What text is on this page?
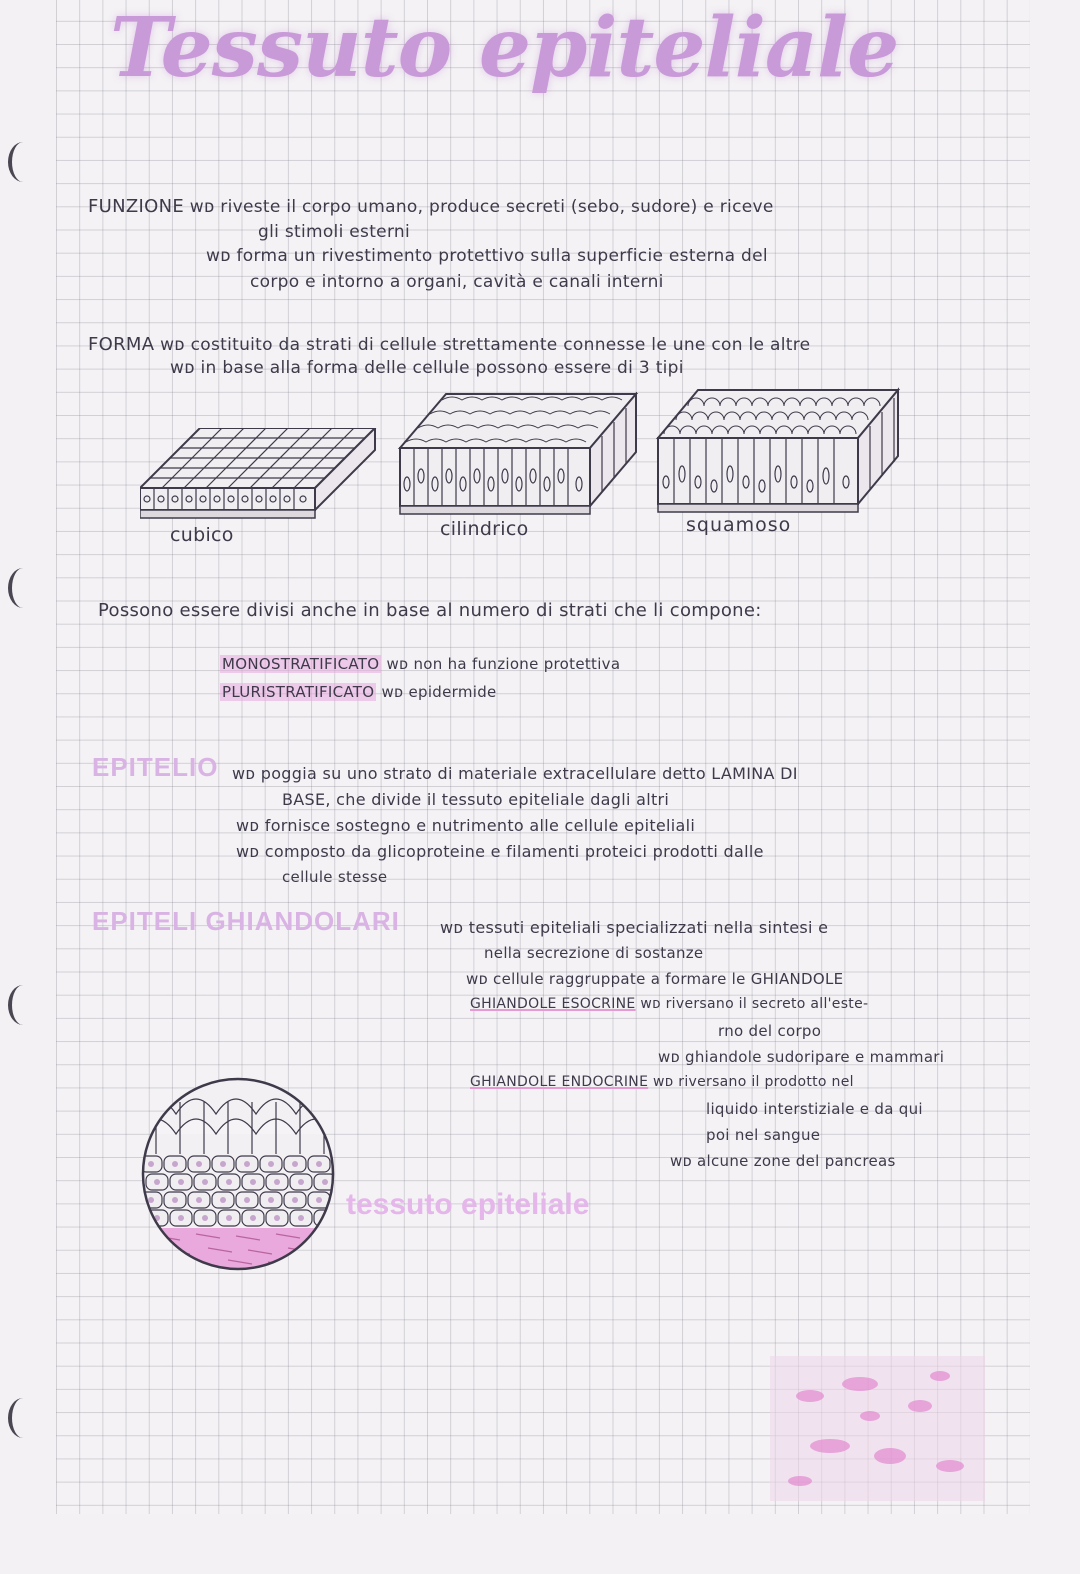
Tessuto epiteliale
FUNZIONE ᴡᴅ riveste il corpo umano, produce secreti (sebo, sudore) e riceve
gli stimoli esterni
ᴡᴅ forma un rivestimento protettivo sulla superficie esterna del
corpo e intorno a organi, cavità e canali interni
FORMA ᴡᴅ costituito da strati di cellule strettamente connesse le une con le altre
ᴡᴅ in base alla forma delle cellule possono essere di 3 tipi
cubico	cilindrico	squamoso
Possono essere divisi anche in base al numero di strati che li compone:
MONOSTRATIFICATO ᴡᴅ non ha funzione protettiva
PLURISTRATIFICATO ᴡᴅ epidermide
EPITELIO ᴡᴅ poggia su uno strato di materiale extracellulare detto LAMINA DI
BASE, che divide il tessuto epiteliale dagli altri
ᴡᴅ fornisce sostegno e nutrimento alle cellule epiteliali
ᴡᴅ composto da glicoproteine e filamenti proteici prodotti dalle
cellule stesse
EPITELI GHIANDOLARI	ᴡᴅ tessuti epiteliali specializzati nella sintesi e
nella secrezione di sostanze
ᴡᴅ cellule raggruppate a formare le GHIANDOLE
GHIANDOLE ESOCRINE ᴡᴅ riversano il secreto all'este-
rno del corpo
ᴡᴅ ghiandole sudoripare e mammari
GHIANDOLE ENDOCRINE ᴡᴅ riversano il prodotto nel
liquido interstiziale e da qui
poi nel sangue
ᴡᴅ alcune zone del pancreas
tessuto epiteliale
